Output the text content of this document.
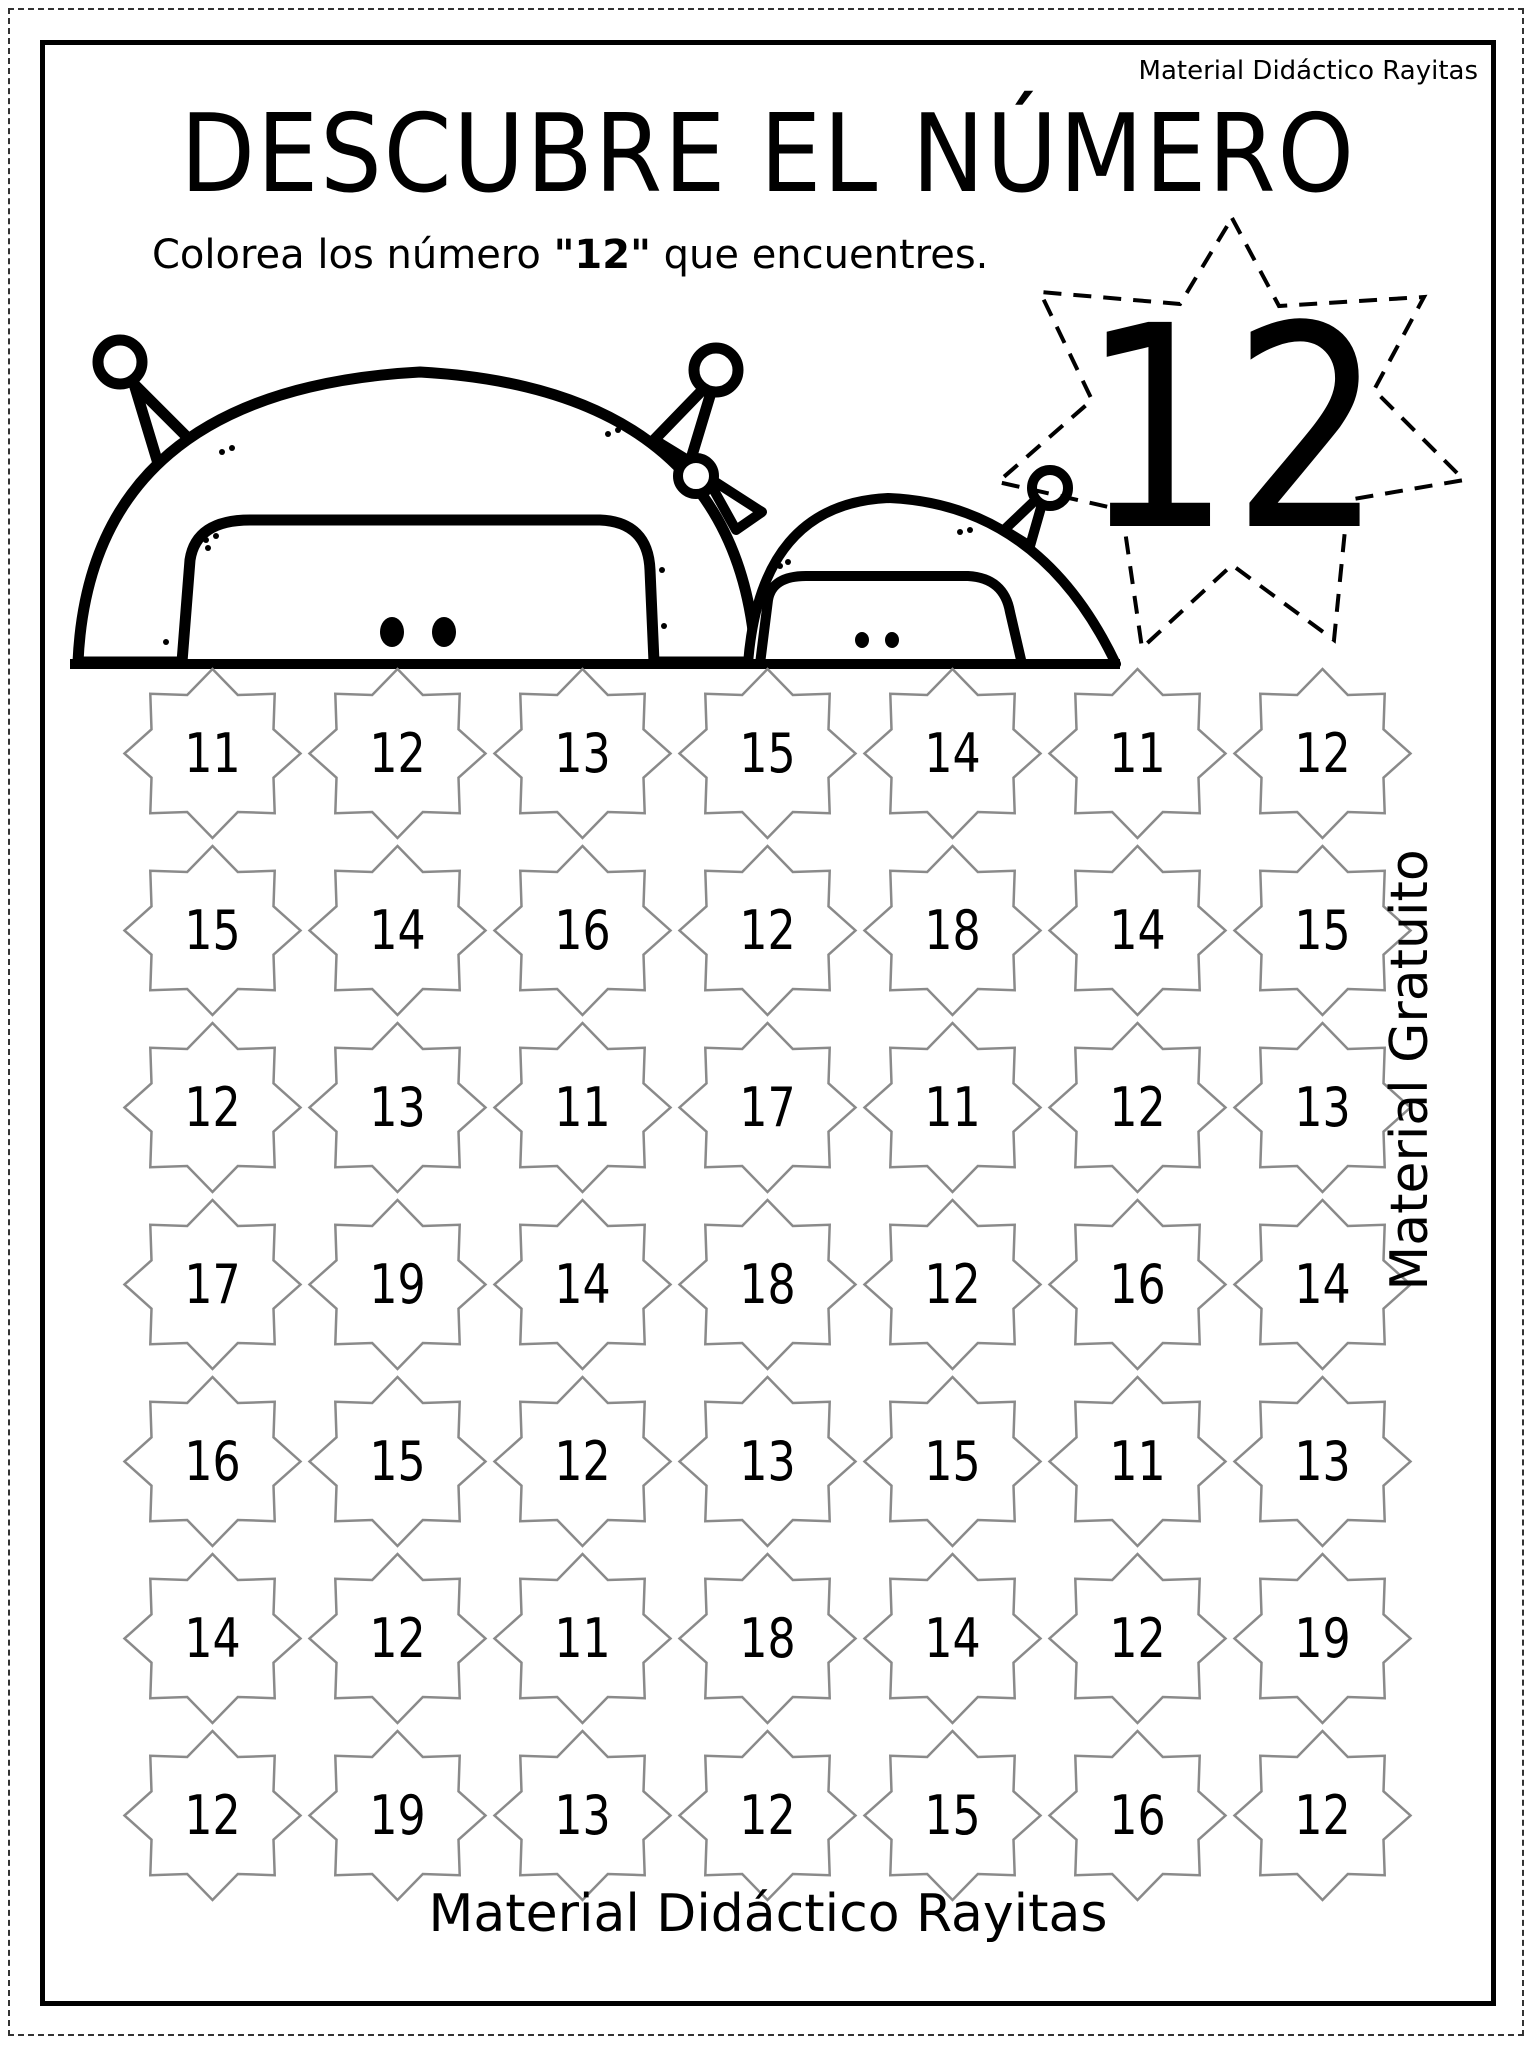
Material Didáctico Rayitas
DESCUBRE EL NÚMERO
Colorea los número "12" que encuentres.
12
11	12	13	15	14	11	12
15	14	16	12	18	14	15
12	13	11	17	11	12	13
17	19	14	18	12	16	14
16	15	12	13	15	11	13
14	12	11	18	14	12	19
12	19	13	12	15	16	12
Material Gratuito
Material Didáctico Rayitas
